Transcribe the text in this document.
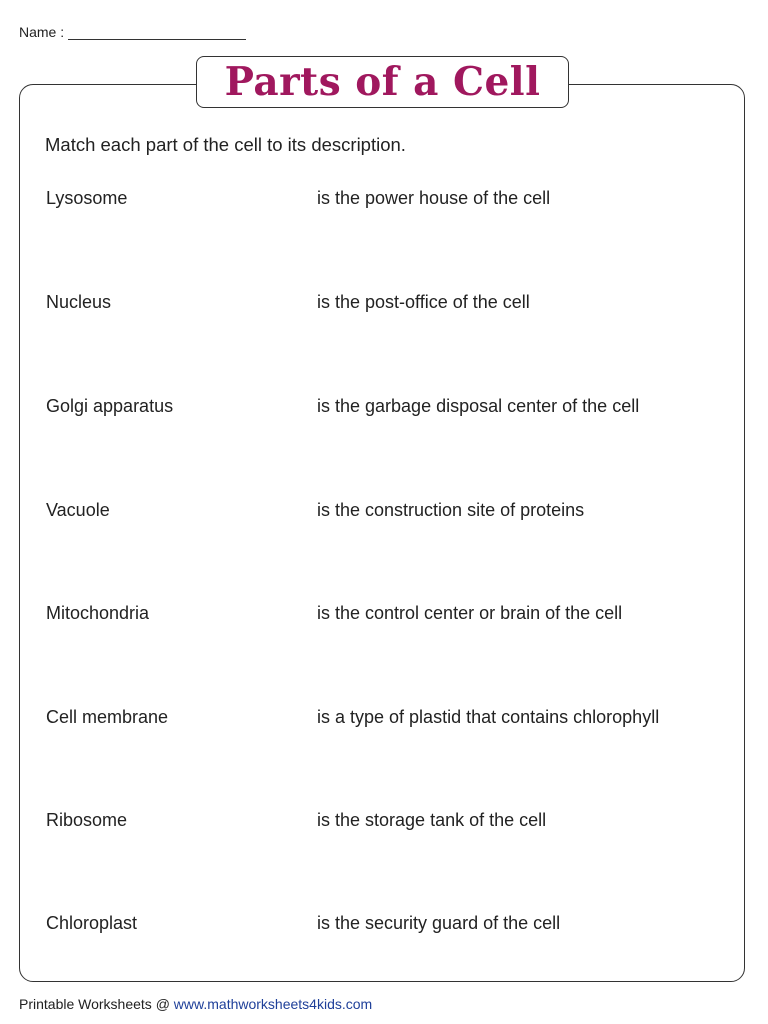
Name :
Parts of a Cell
Match each part of the cell to its description.
Lysosome	is the power house of the cell
Nucleus	is the post-office of the cell
Golgi apparatus	is the garbage disposal center of the cell
Vacuole	is the construction site of proteins
Mitochondria	is the control center or brain of the cell
Cell membrane	is a type of plastid that contains chlorophyll
Ribosome	is the storage tank of the cell
Chloroplast	is the security guard of the cell
Printable Worksheets @ www.mathworksheets4kids.com
